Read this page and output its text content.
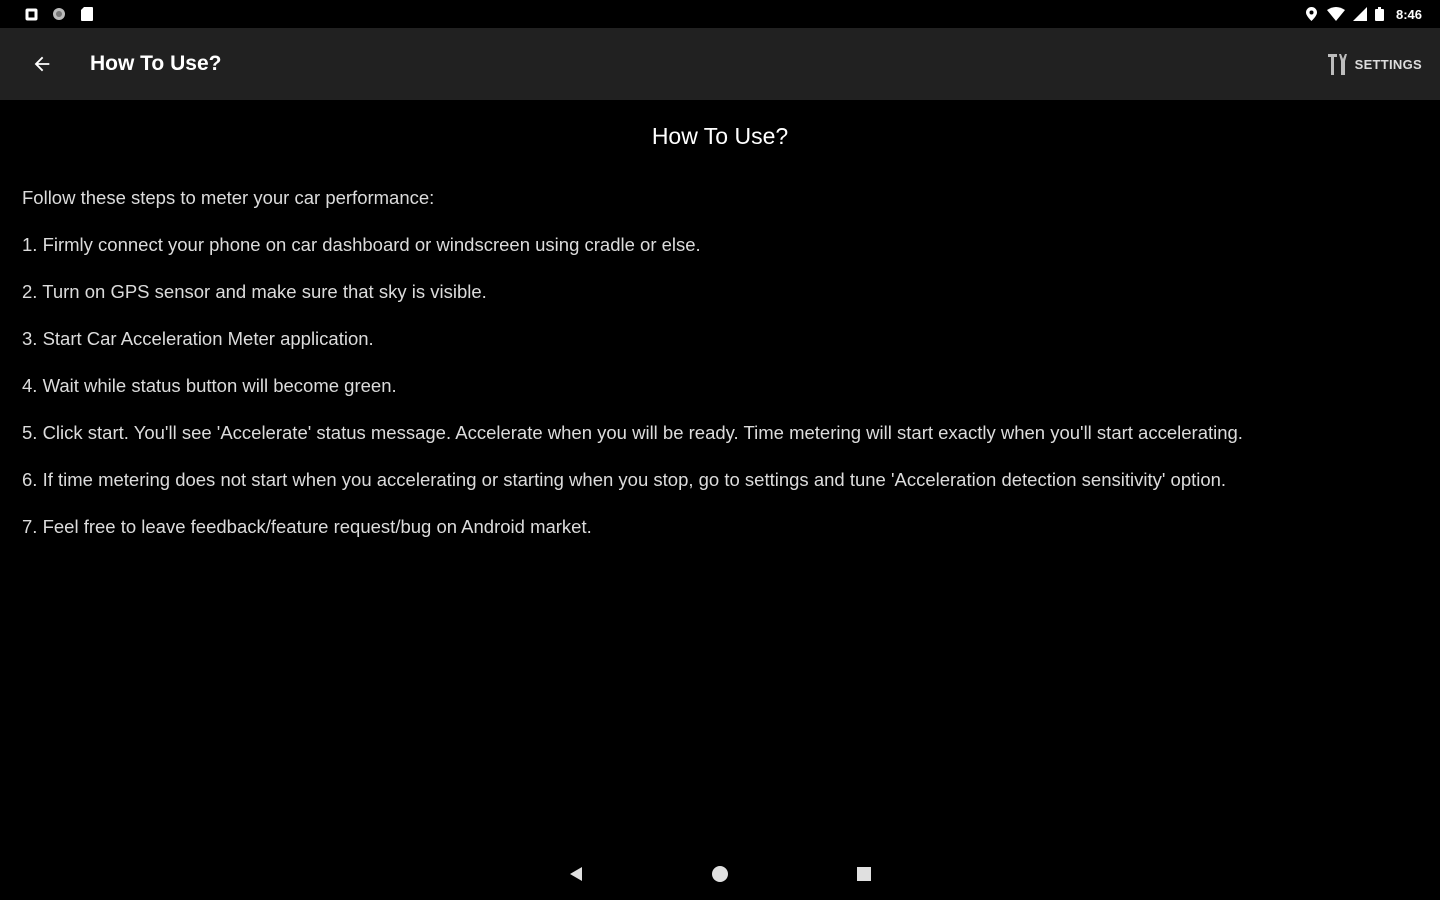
8:46
How To Use?	SETTINGS
How To Use?
Follow these steps to meter your car performance:
1. Firmly connect your phone on car dashboard or windscreen using cradle or else.
2. Turn on GPS sensor and make sure that sky is visible.
3. Start Car Acceleration Meter application.
4. Wait while status button will become green.
5. Click start. You'll see 'Accelerate' status message. Accelerate when you will be ready. Time metering will start exactly when you'll start accelerating.
6. If time metering does not start when you accelerating or starting when you stop, go to settings and tune 'Acceleration detection sensitivity' option.
7. Feel free to leave feedback/feature request/bug on Android market.
